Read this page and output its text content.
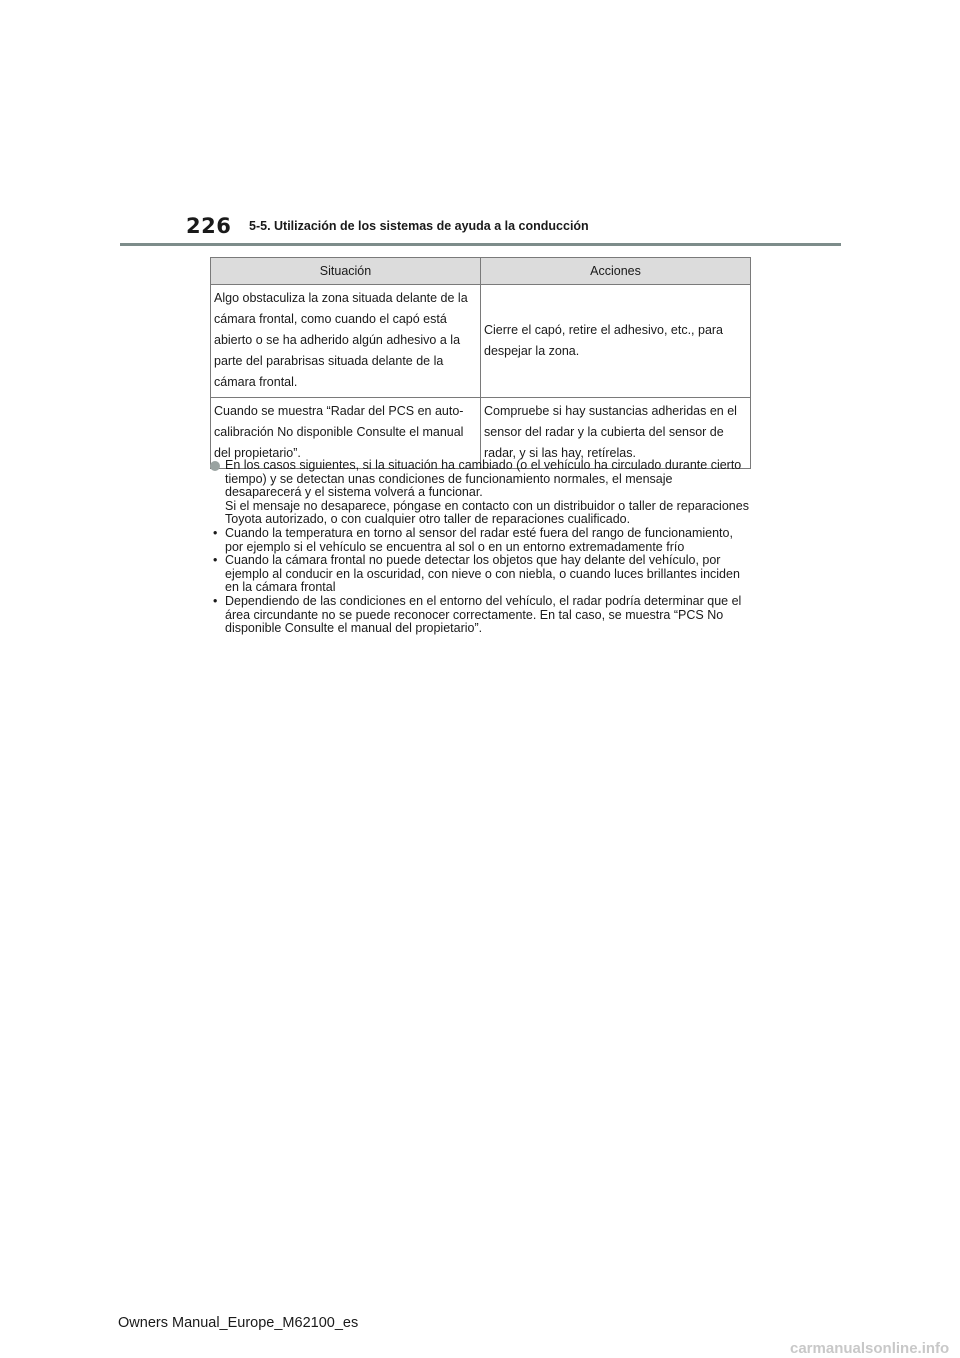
226 5-5. Utilización de los sistemas de ayuda a la conducción
Situación	Acciones
Algo obstaculiza la zona situada delante de la cámara frontal, como cuando el capó está abierto o se ha adherido algún adhesivo a la parte del parabrisas situada delante de la cámara frontal.	Cierre el capó, retire el adhesivo, etc., para despejar la zona.
Cuando se muestra “Radar del PCS en auto-calibración No disponible Consulte el manual del propietario”.	Compruebe si hay sustancias adheridas en el sensor del radar y la cubierta del sensor de radar, y si las hay, retírelas.

En los casos siguientes, si la situación ha cambiado (o el vehículo ha circulado durante cierto tiempo) y se detectan unas condiciones de funcionamiento normales, el mensaje desaparecerá y el sistema volverá a funcionar.

Si el mensaje no desaparece, póngase en contacto con un distribuidor o taller de reparaciones Toyota autorizado, o con cualquier otro taller de reparaciones cualificado.

• Cuando la temperatura en torno al sensor del radar esté fuera del rango de funcionamiento, por ejemplo si el vehículo se encuentra al sol o en un entorno extremadamente frío
• Cuando la cámara frontal no puede detectar los objetos que hay delante del vehículo, por ejemplo al conducir en la oscuridad, con nieve o con niebla, o cuando luces brillantes inciden en la cámara frontal
• Dependiendo de las condiciones en el entorno del vehículo, el radar podría determinar que el área circundante no se puede reconocer correctamente. En tal caso, se muestra “PCS No disponible Consulte el manual del propietario”.
Owners Manual_Europe_M62100_es
carmanualsonline.info
